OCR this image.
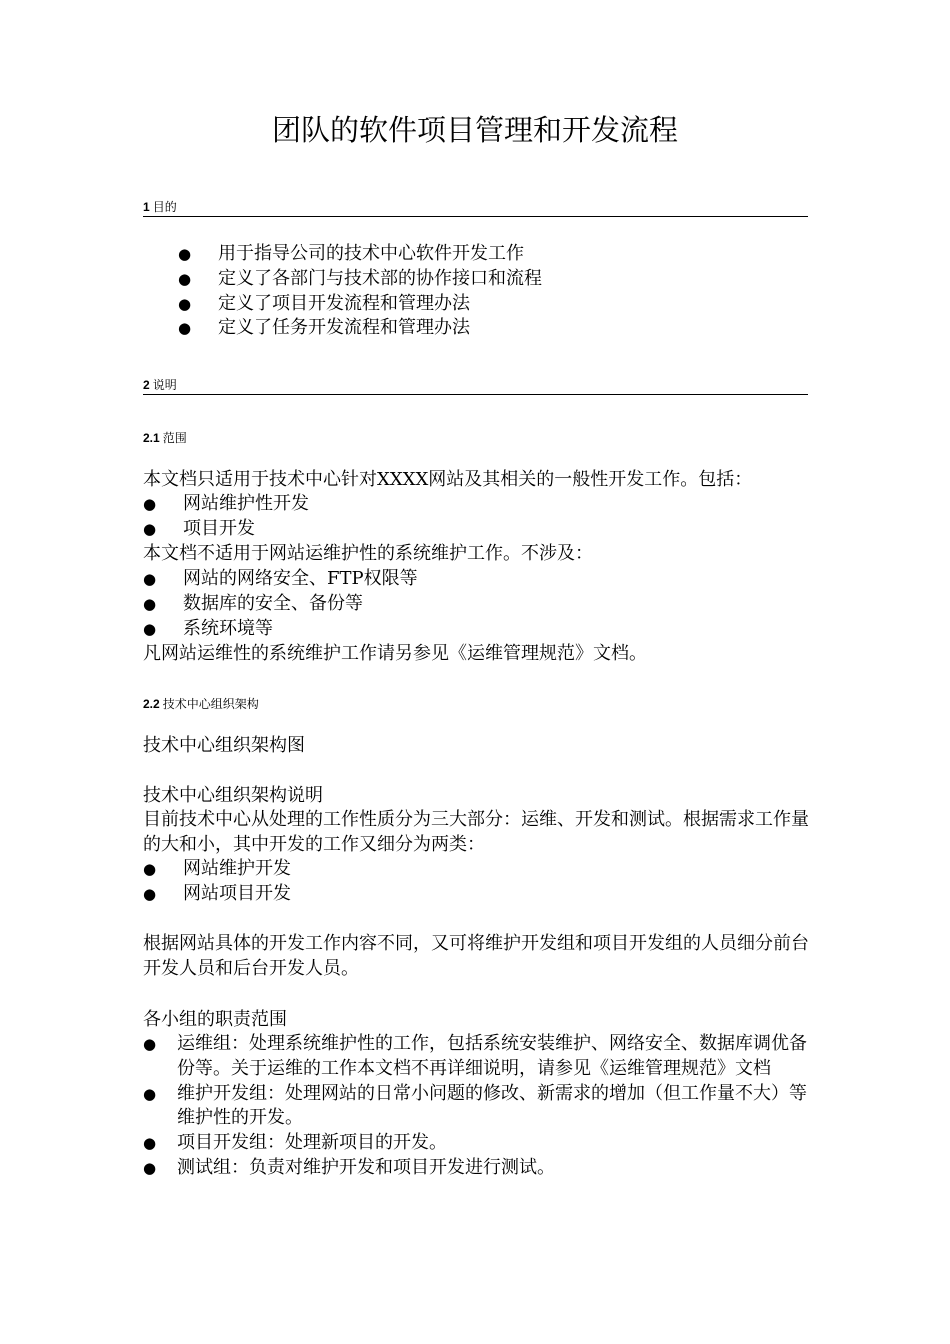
团队的软件项目管理和开发流程
1 目的
● 用于指导公司的技术中心软件开发工作
● 定义了各部门与技术部的协作接口和流程
● 定义了项目开发流程和管理办法
● 定义了任务开发流程和管理办法
2 说明
2.1 范围

本文档只适用于技术中心针对XXXX网站及其相关的一般性开发工作。包括：

● 网站维护性开发
● 项目开发

本文档不适用于网站运维护性的系统维护工作。不涉及：

● 网站的网络安全、FTP权限等
● 数据库的安全、备份等
● 系统环境等

凡网站运维性的系统维护工作请另参见《运维管理规范》文档。

2.2 技术中心组织架构

技术中心组织架构图

技术中心组织架构说明

目前技术中心从处理的工作性质分为三大部分：运维、开发和测试。根据需求工作量的大和小，其中开发的工作又细分为两类：

● 网站维护开发
● 网站项目开发

根据网站具体的开发工作内容不同，又可将维护开发组和项目开发组的人员细分前台开发人员和后台开发人员。

各小组的职责范围

● 运维组：处理系统维护性的工作，包括系统安装维护、网络安全、数据库调优备份等。关于运维的工作本文档不再详细说明，请参见《运维管理规范》文档
● 维护开发组：处理网站的日常小问题的修改、新需求的增加（但工作量不大）等维护性的开发。
● 项目开发组：处理新项目的开发。
● 测试组：负责对维护开发和项目开发进行测试。
